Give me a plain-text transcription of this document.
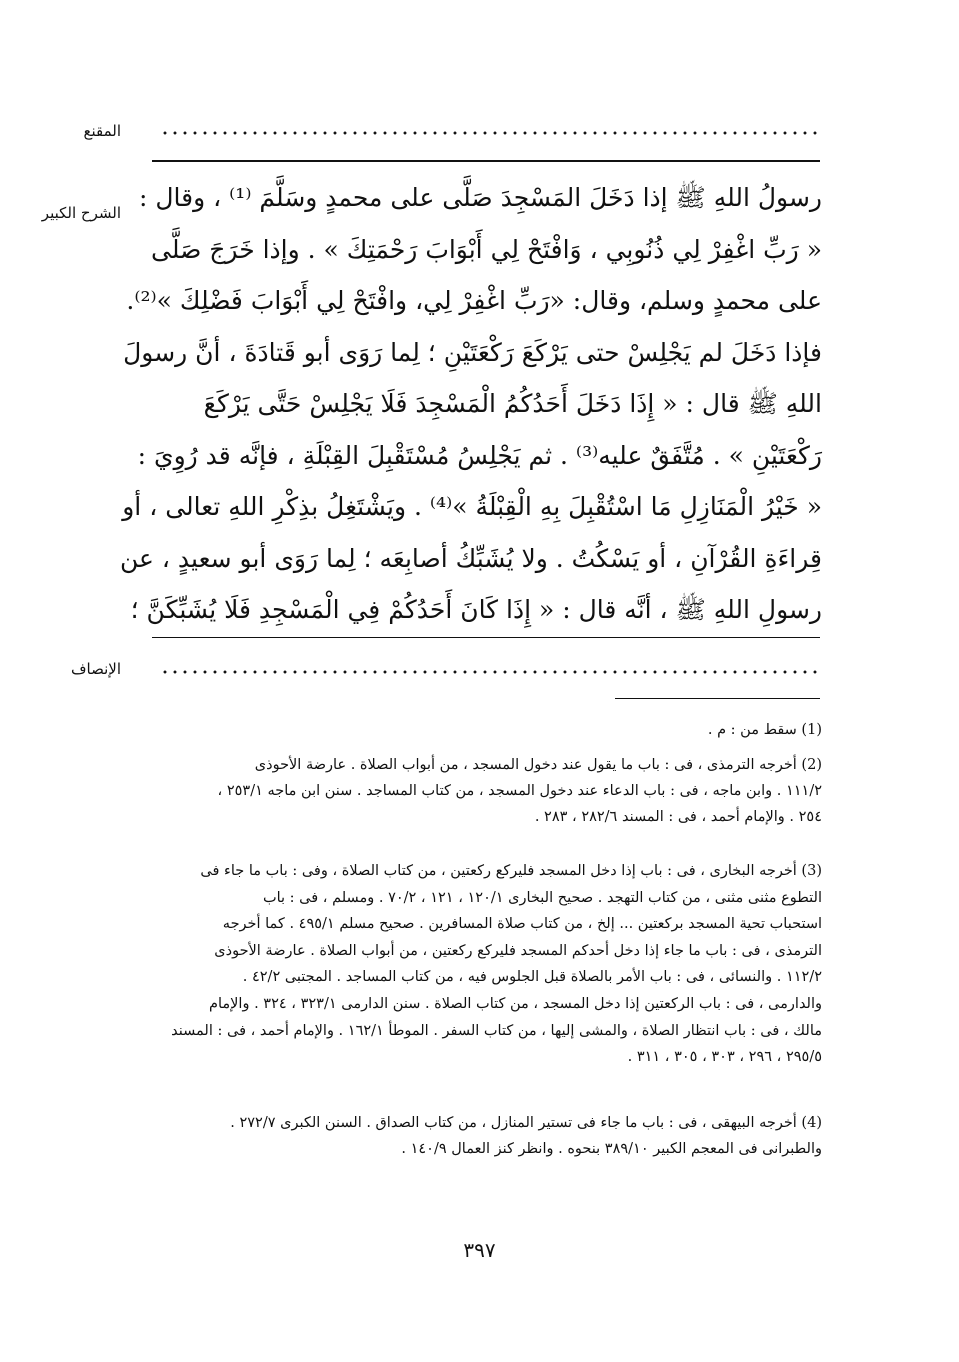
المقنع
الشرح الكبير
الإنصاف
رسولُ اللهِ ﷺ إذا دَخَلَ المَسْجِدَ صَلَّى على محمدٍ وسَلَّمَ ⁽¹⁾ ، وقال :
« رَبِّ اغْفِرْ لِي ذُنُوبِي ، وَافْتَحْ لِي أَبْوَابَ رَحْمَتِكَ » . وإذا خَرَجَ صَلَّى
على محمدٍ وسلم، وقال: «رَبِّ اغْفِرْ لِي، وافْتَحْ لِي أَبْوَابَ فَضْلِكَ »⁽²⁾.
فإذا دَخَلَ لم يَجْلِسْ حتى يَرْكَعَ رَكْعَتَيْنِ ؛ لِما رَوَى أبو قَتادَةَ ، أنَّ رسولَ
اللهِ ﷺ قال : « إِذَا دَخَلَ أَحَدُكُمُ الْمَسْجِدَ فَلَا يَجْلِسْ حَتَّى يَرْكَعَ
رَكْعَتَيْنِ » . مُتَّفَقٌ عليه⁽³⁾ . ثم يَجْلِسُ مُسْتَقْبِلَ القِبْلَةِ ، فإنَّه قد رُوِيَ :
« خَيْرُ الْمَنَازِلِ مَا اسْتُقْبِلَ بِهِ الْقِبْلَةُ »⁽⁴⁾ . ويَشْتَغِلُ بذِكْرِ اللهِ تعالى ، أو
قِراءَةِ القُرْآنِ ، أو يَسْكُتُ . ولا يُشَبِّكُ أصابِعَه ؛ لِما رَوَى أبو سعيدٍ ، عن
رسولِ اللهِ ﷺ ، أنَّه قال : « إِذَا كَانَ أَحَدُكُمْ فِي الْمَسْجِدِ فَلَا يُشَبِّكَنَّ ؛
(1) سقط من : م .
(2) أخرجه الترمذى ، فى : باب ما يقول عند دخول المسجد ، من أبواب الصلاة . عارضة الأحوذى
١١١/٢ . وابن ماجه ، فى : باب الدعاء عند دخول المسجد ، من كتاب المساجد . سنن ابن ماجه ٢٥٣/١ ،
٢٥٤ . والإمام أحمد ، فى : المسند ٢٨٢/٦ ، ٢٨٣ .
(3) أخرجه البخارى ، فى : باب إذا دخل المسجد فليركع ركعتين ، من كتاب الصلاة ، وفى : باب ما جاء فى
التطوع مثنى مثنى ، من كتاب التهجد . صحيح البخارى ١٢٠/١ ، ١٢١ ، ٧٠/٢ . ومسلم ، فى : باب
استحباب تحية المسجد بركعتين ... إلخ ، من كتاب صلاة المسافرين . صحيح مسلم ٤٩٥/١ . كما أخرجه
الترمذى ، فى : باب ما جاء إذا دخل أحدكم المسجد فليركع ركعتين ، من أبواب الصلاة . عارضة الأحوذى
١١٢/٢ . والنسائى ، فى : باب الأمر بالصلاة قبل الجلوس فيه ، من كتاب المساجد . المجتبى ٤٢/٢ .
والدارمى ، فى : باب الركعتين إذا دخل المسجد ، من كتاب الصلاة . سنن الدارمى ٣٢٣/١ ، ٣٢٤ . والإمام
مالك ، فى : باب انتظار الصلاة ، والمشى إليها ، من كتاب السفر . الموطأ ١٦٢/١ . والإمام أحمد ، فى : المسند
٢٩٥/٥ ، ٢٩٦ ، ٣٠٣ ، ٣٠٥ ، ٣١١ .
(4) أخرجه البيهقى ، فى : باب ما جاء فى تستير المنازل ، من كتاب الصداق . السنن الكبرى ٢٧٢/٧ .
والطبرانى فى المعجم الكبير ٣٨٩/١٠ بنحوه . وانظر كنز العمال ١٤٠/٩ .
٣٩٧
